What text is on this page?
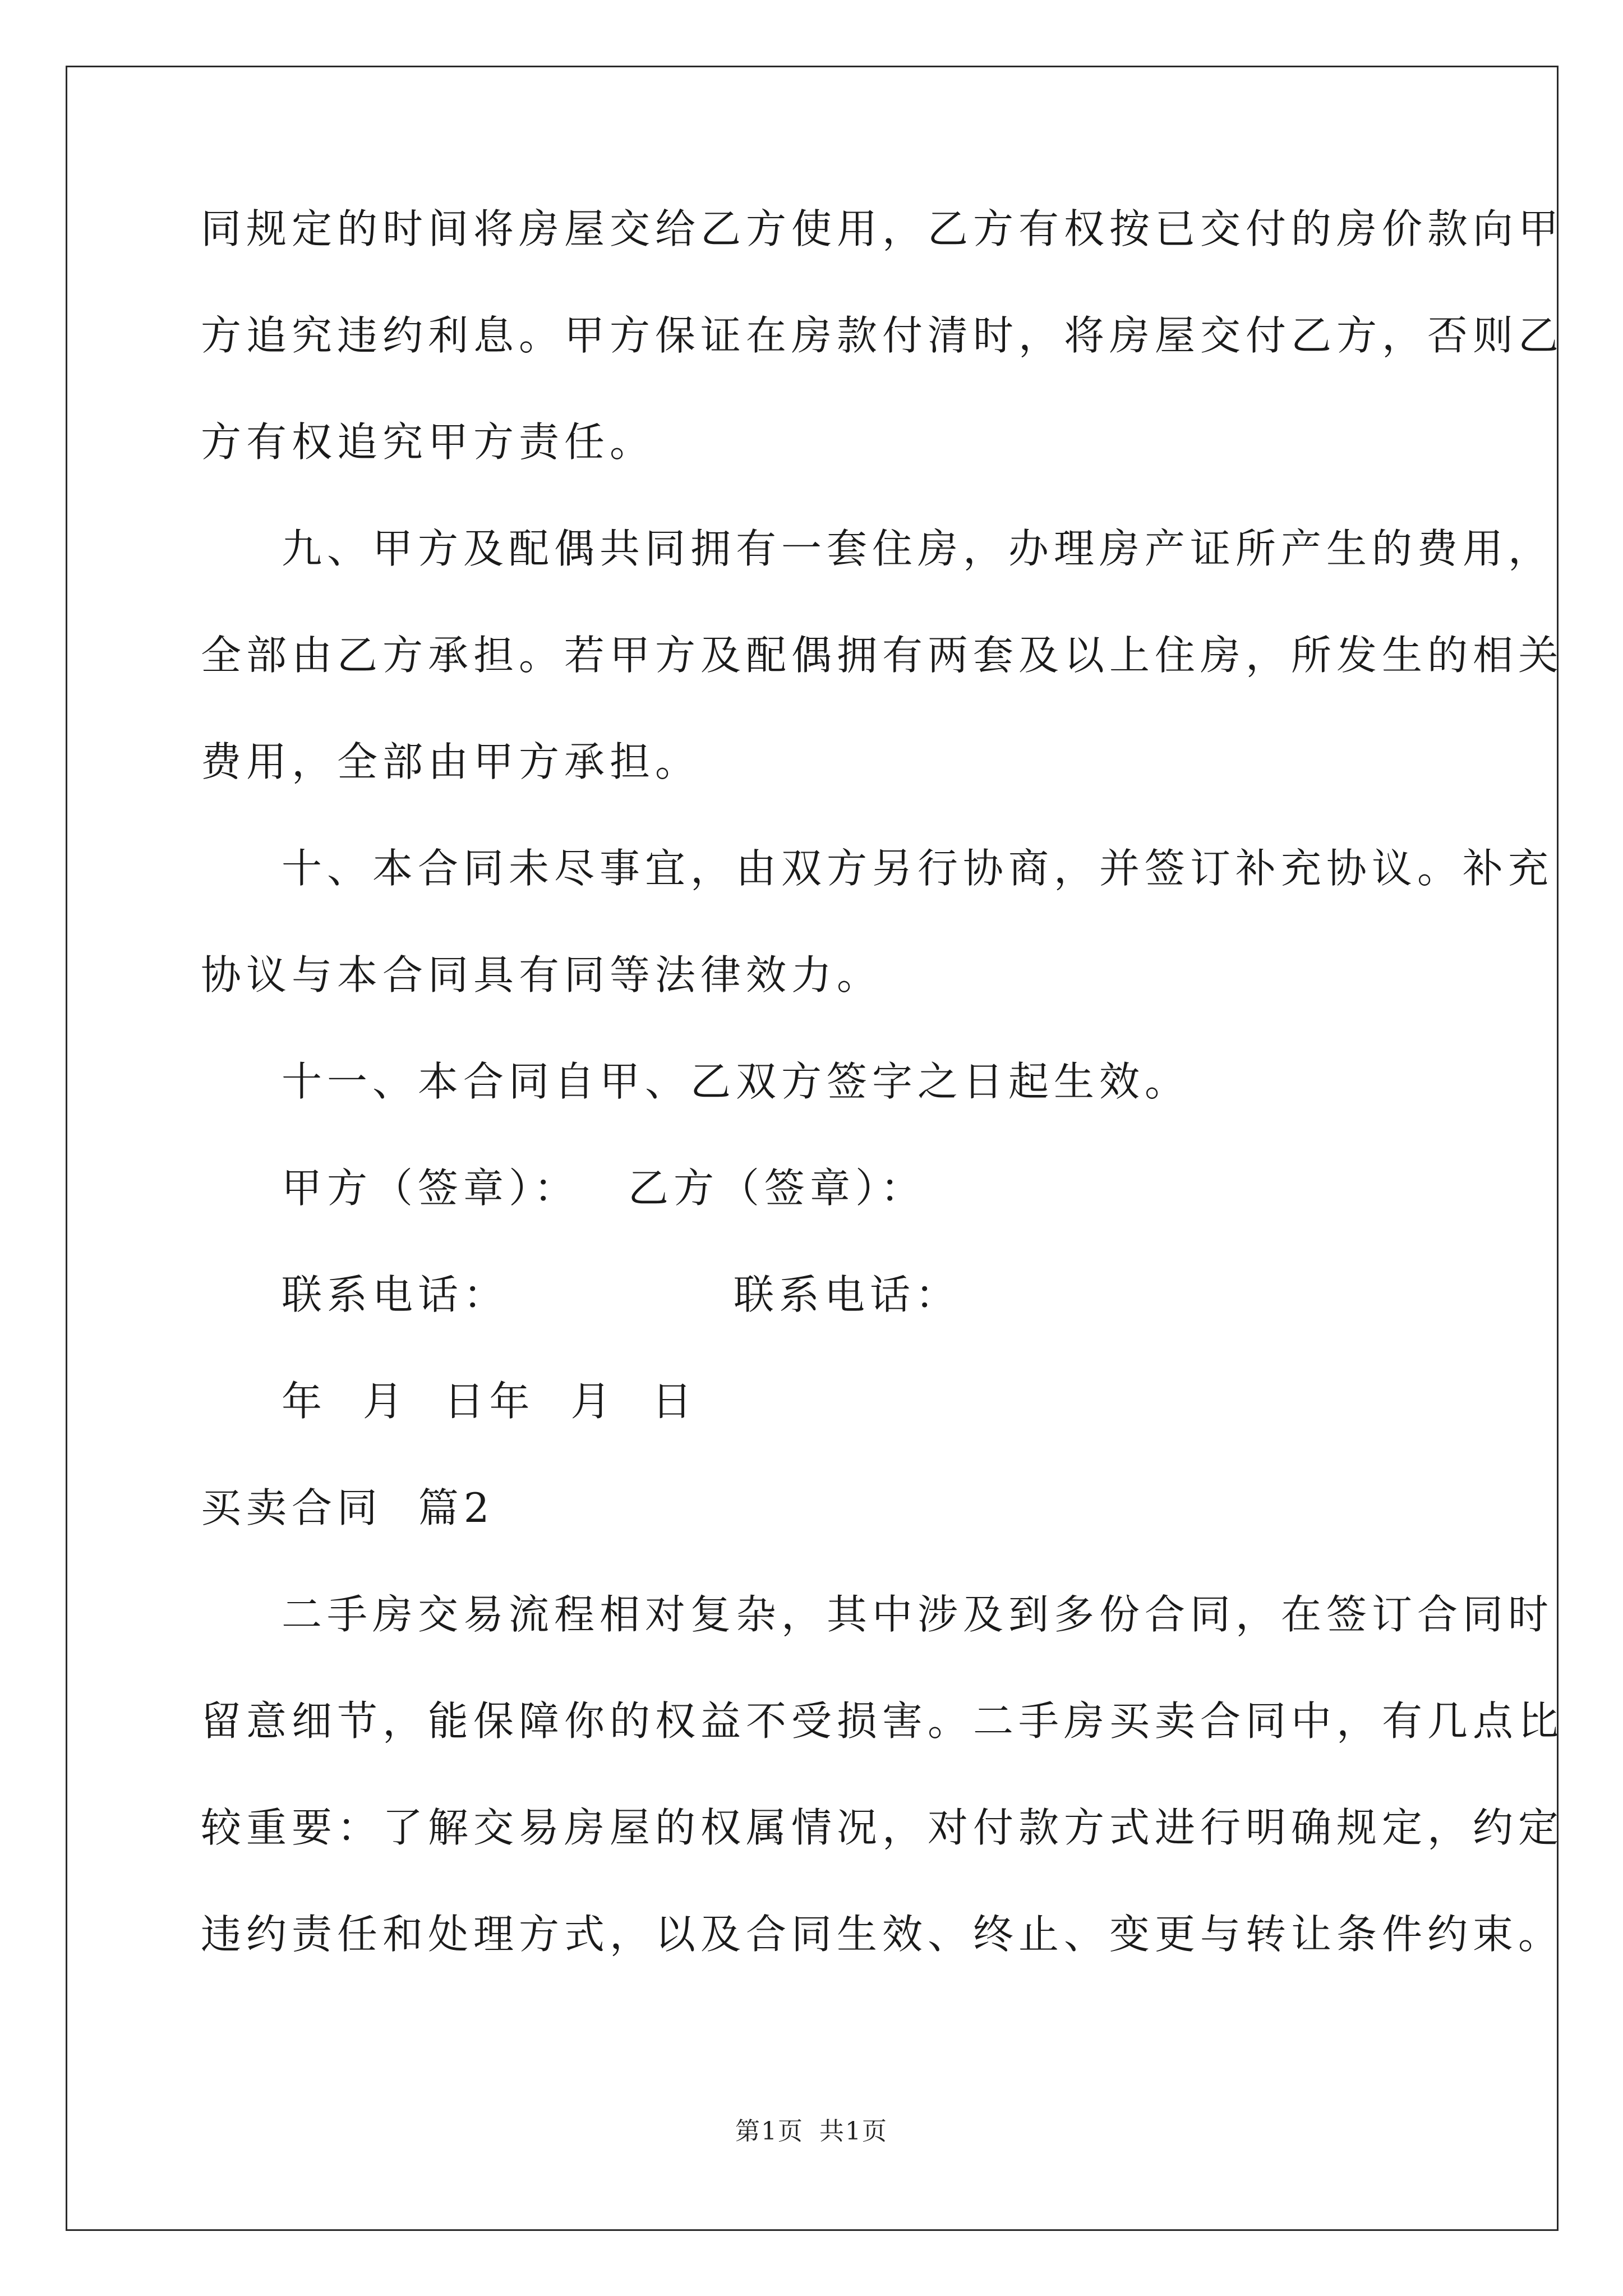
同规定的时间将房屋交给乙方使用，乙方有权按已交付的房价款向甲
方追究违约利息。甲方保证在房款付清时，将房屋交付乙方，否则乙
方有权追究甲方责任。
九、甲方及配偶共同拥有一套住房，办理房产证所产生的费用，
全部由乙方承担。若甲方及配偶拥有两套及以上住房，所发生的相关
费用，全部由甲方承担。
十、本合同未尽事宜，由双方另行协商，并签订补充协议。补充
协议与本合同具有同等法律效力。
十一、本合同自甲、乙双方签字之日起生效。
甲方（签章）： 乙方（签章）：
联系电话：	联系电话：
年  月  日年  月  日
买卖合同  篇2
二手房交易流程相对复杂，其中涉及到多份合同，在签订合同时
留意细节，能保障你的权益不受损害。二手房买卖合同中，有几点比
较重要：了解交易房屋的权属情况，对付款方式进行明确规定，约定
违约责任和处理方式，以及合同生效、终止、变更与转让条件约束。
第1页 共1页
